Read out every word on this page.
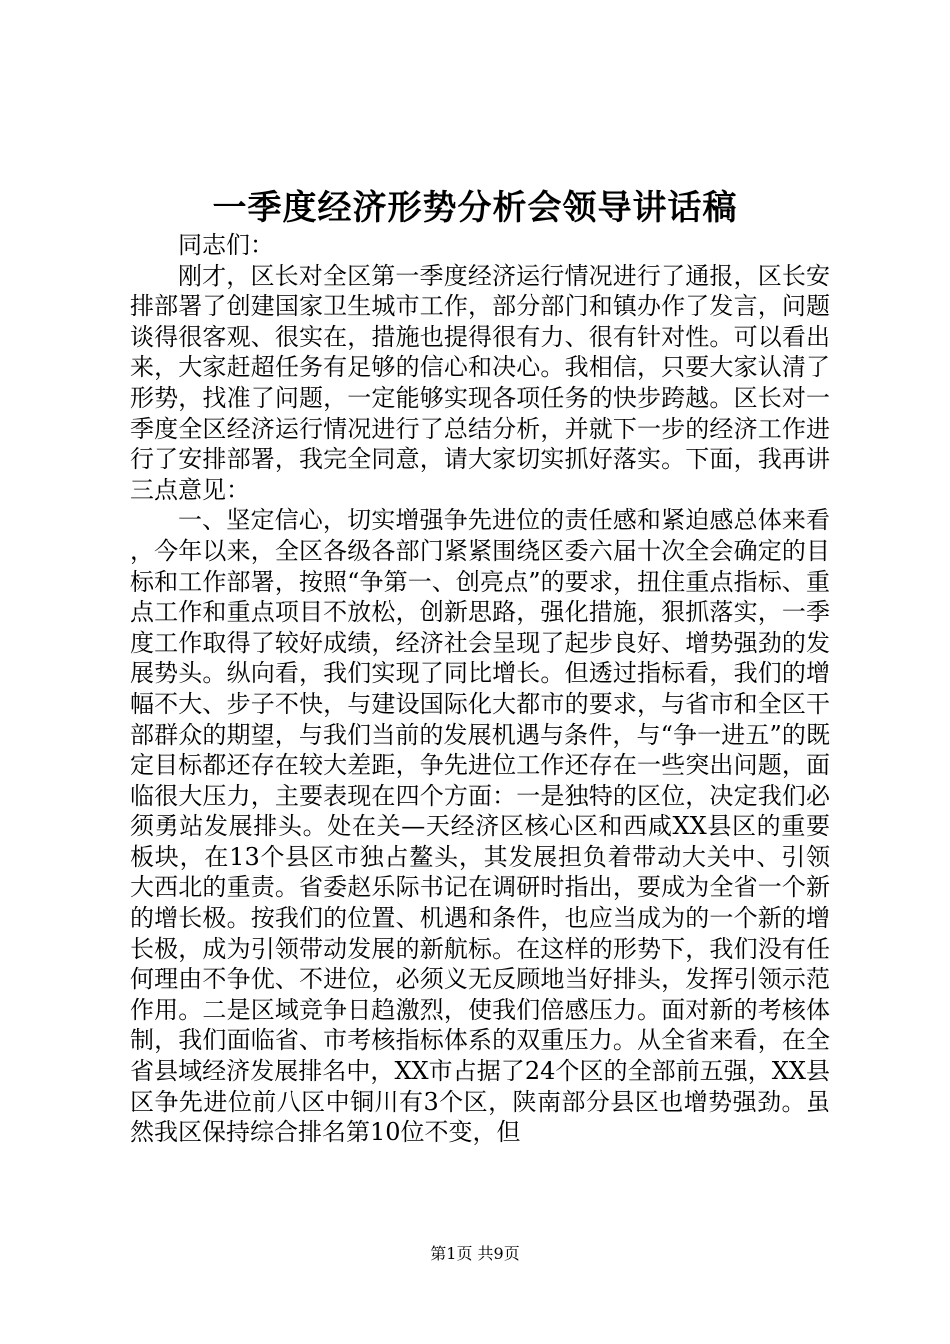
一季度经济形势分析会领导讲话稿

同志们：

刚才，区长对全区第一季度经济运行情况进行了通报，区长安排部署了创建国家卫生城市工作，部分部门和镇办作了发言，问题谈得很客观、很实在，措施也提得很有力、很有针对性。可以看出来，大家赶超任务有足够的信心和决心。我相信，只要大家认清了形势，找准了问题，一定能够实现各项任务的快步跨越。区长对一季度全区经济运行情况进行了总结分析，并就下一步的经济工作进行了安排部署，我完全同意，请大家切实抓好落实。下面，我再讲三点意见：

一、坚定信心，切实增强争先进位的责任感和紧迫感总体来看，今年以来，全区各级各部门紧紧围绕区委六届十次全会确定的目标和工作部署，按照“争第一、创亮点”的要求，扭住重点指标、重点工作和重点项目不放松，创新思路，强化措施，狠抓落实，一季度工作取得了较好成绩，经济社会呈现了起步良好、增势强劲的发展势头。纵向看，我们实现了同比增长。但透过指标看，我们的增幅不大、步子不快，与建设国际化大都市的要求，与省市和全区干部群众的期望，与我们当前的发展机遇与条件，与“争一进五”的既定目标都还存在较大差距，争先进位工作还存在一些突出问题，面临很大压力，主要表现在四个方面：一是独特的区位，决定我们必须勇站发展排头。处在关—天经济区核心区和西咸XX县区的重要板块，在13个县区市独占鳌头，其发展担负着带动大关中、引领大西北的重责。省委赵乐际书记在调研时指出，要成为全省一个新的增长极。按我们的位置、机遇和条件，也应当成为的一个新的增长极，成为引领带动发展的新航标。在这样的形势下，我们没有任何理由不争优、不进位，必须义无反顾地当好排头，发挥引领示范作用。二是区域竞争日趋激烈，使我们倍感压力。面对新的考核体制，我们面临省、市考核指标体系的双重压力。从全省来看，在全省县域经济发展排名中，XX市占据了24个区的全部前五强，XX县区争先进位前八区中铜川有3个区，陕南部分县区也增势强劲。虽然我区保持综合排名第10位不变，但

第1页 共9页
